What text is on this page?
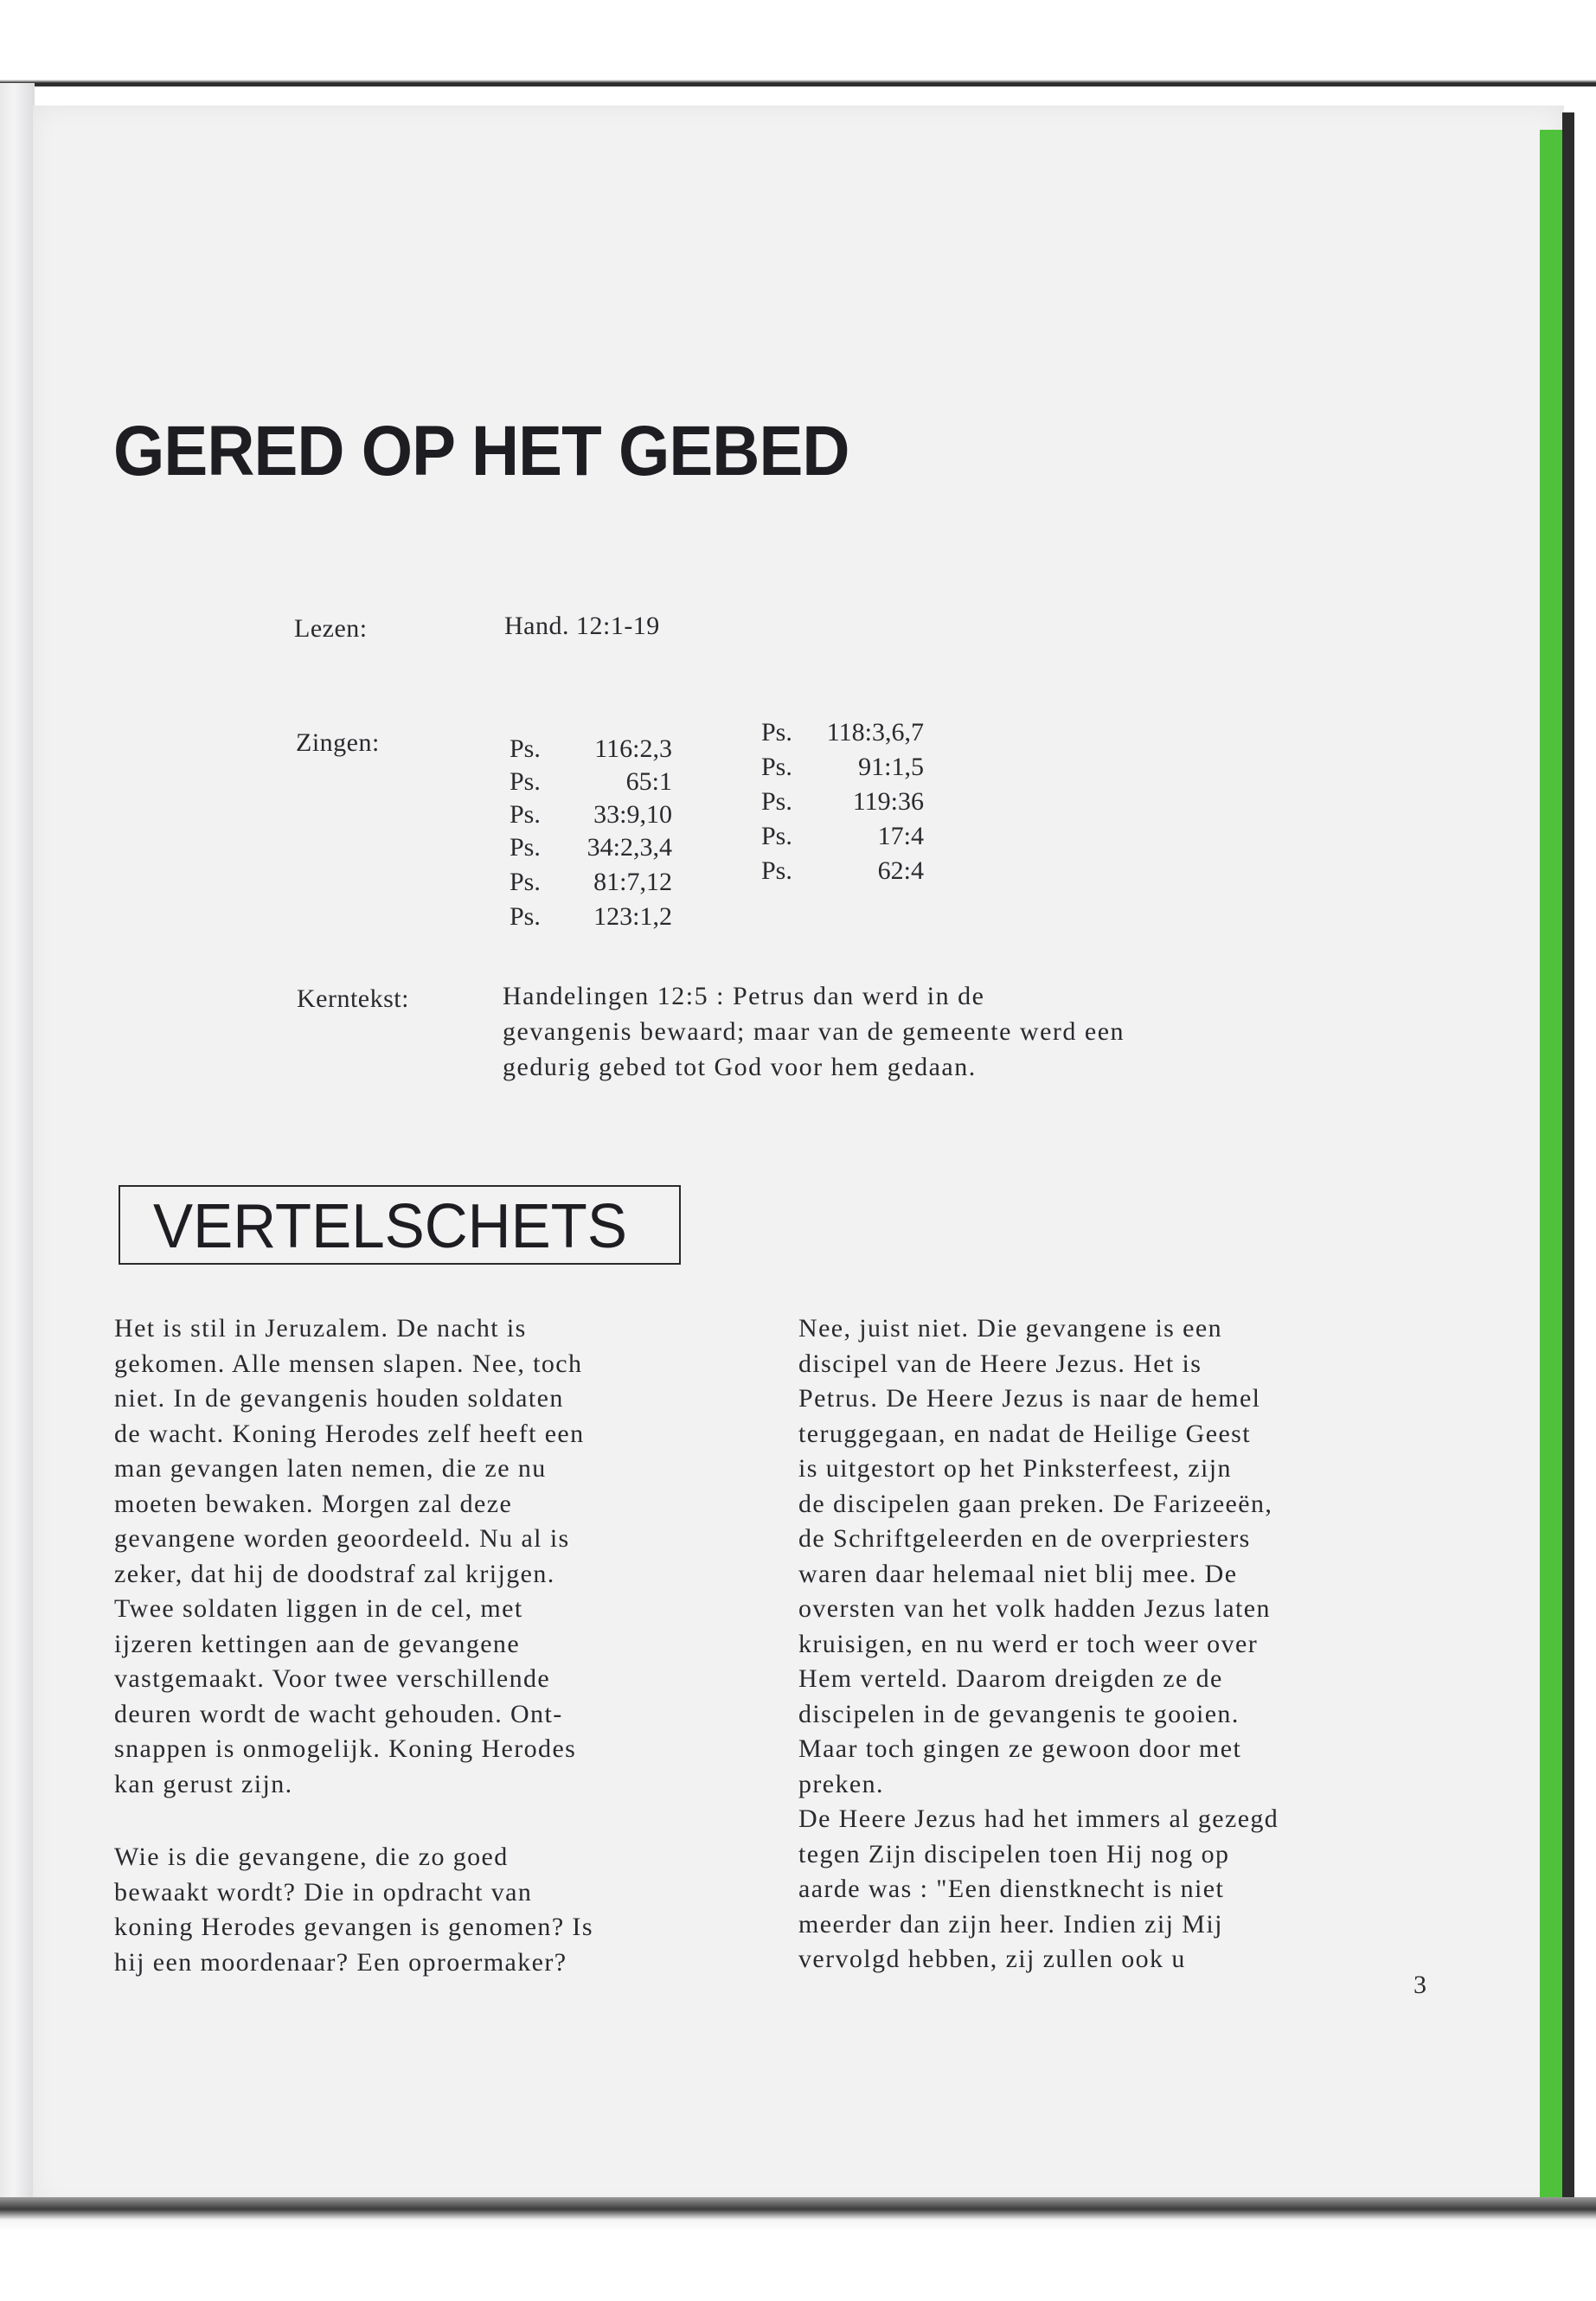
GERED OP HET GEBED
Lezen:	Hand. 12:1-19
Zingen:	Ps. 116:2,3
Ps.	65:1
Ps. 33:9,10
Ps. 34:2,3,4
Ps. 81:7,12
Ps. 123:1,2
Ps. 118:3,6,7
Ps.	91:1,5
Ps. 119:36
Ps.	17:4
Ps.	62:4
Kerntekst:	Handelingen 12:5 : Petrus dan werd in de
gevangenis bewaard; maar van de gemeente werd een
gedurig gebed tot God voor hem gedaan.
VERTELSCHETS

Het is stil in Jeruzalem. De nacht is
gekomen. Alle mensen slapen. Nee, toch
niet. In de gevangenis houden soldaten
de wacht. Koning Herodes zelf heeft een
man gevangen laten nemen, die ze nu
moeten bewaken. Morgen zal deze
gevangene worden geoordeeld. Nu al is
zeker, dat hij de doodstraf zal krijgen.
Twee soldaten liggen in de cel, met
ijzeren kettingen aan de gevangene
vastgemaakt. Voor twee verschillende
deuren wordt de wacht gehouden. Ont-
snappen is onmogelijk. Koning Herodes
kan gerust zijn.

Wie is die gevangene, die zo goed
bewaakt wordt? Die in opdracht van
koning Herodes gevangen is genomen? Is
hij een moordenaar? Een oproermaker?

Nee, juist niet. Die gevangene is een
discipel van de Heere Jezus. Het is
Petrus. De Heere Jezus is naar de hemel
teruggegaan, en nadat de Heilige Geest
is uitgestort op het Pinksterfeest, zijn
de discipelen gaan preken. De Farizeeën,
de Schriftgeleerden en de overpriesters
waren daar helemaal niet blij mee. De
oversten van het volk hadden Jezus laten
kruisigen, en nu werd er toch weer over
Hem verteld. Daarom dreigden ze de
discipelen in de gevangenis te gooien.
Maar toch gingen ze gewoon door met
preken.
De Heere Jezus had het immers al gezegd
tegen Zijn discipelen toen Hij nog op
aarde was : "Een dienstknecht is niet
meerder dan zijn heer. Indien zij Mij
vervolgd hebben, zij zullen ook u
3
